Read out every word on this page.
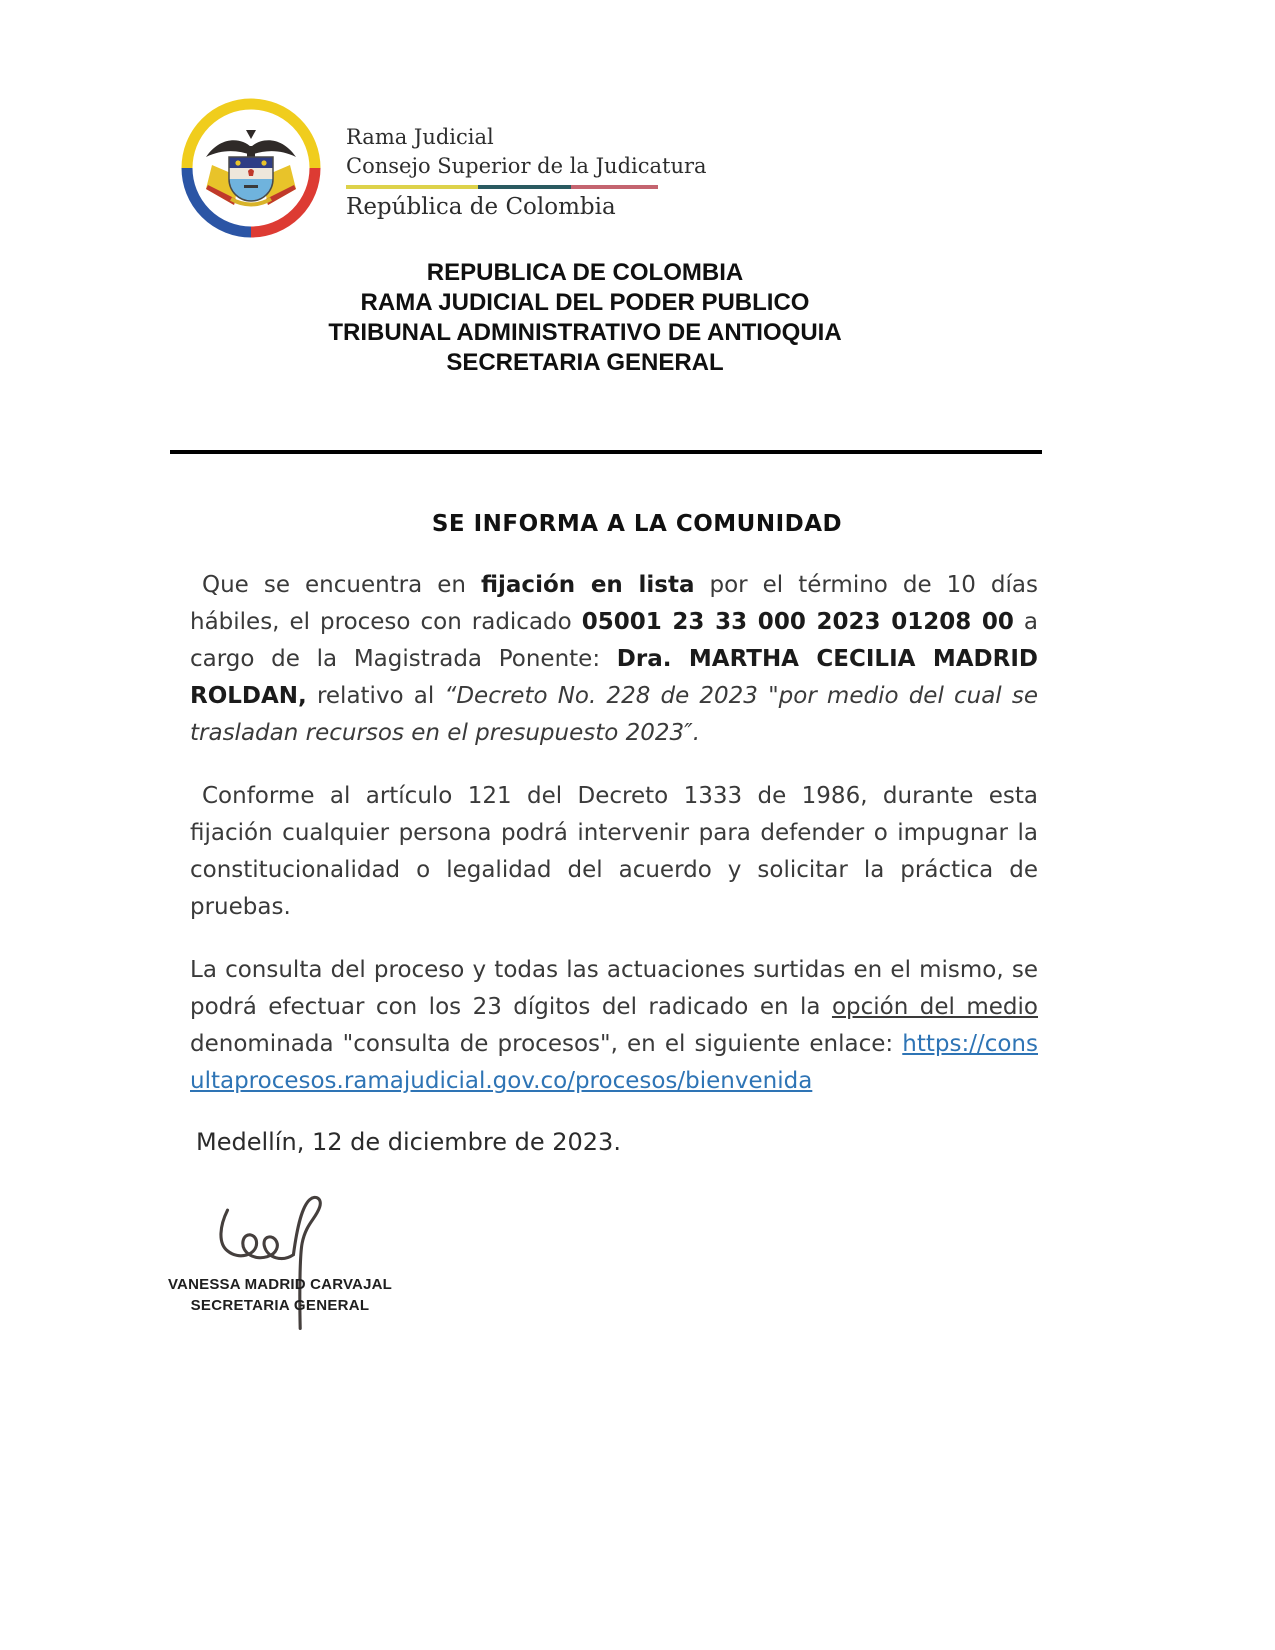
Rama Judicial
Consejo Superior de la Judicatura
República de Colombia
REPUBLICA DE COLOMBIA
RAMA JUDICIAL DEL PODER PUBLICO
TRIBUNAL ADMINISTRATIVO DE ANTIOQUIA
SECRETARIA GENERAL
SE INFORMA A LA COMUNIDAD

Que se encuentra en fijación en lista por el término de 10 días hábiles, el proceso con radicado 05001 23 33 000 2023 01208 00 a cargo de la Magistrada Ponente: Dra. MARTHA CECILIA MADRID ROLDAN, relativo al “Decreto No. 228 de 2023 "por medio del cual se trasladan recursos en el presupuesto 2023″.

Conforme al artículo 121 del Decreto 1333 de 1986, durante esta fijación cualquier persona podrá intervenir para defender o impugnar la constitucionalidad o legalidad del acuerdo y solicitar la práctica de pruebas.

La consulta del proceso y todas las actuaciones surtidas en el mismo, se podrá efectuar con los 23 dígitos del radicado en la opción del medio denominada "consulta de procesos", en el siguiente enlace: https://consultaprocesos.ramajudicial.gov.co/procesos/bienvenida

Medellín, 12 de diciembre de 2023.
VANESSA MADRID CARVAJAL
SECRETARIA GENERAL
